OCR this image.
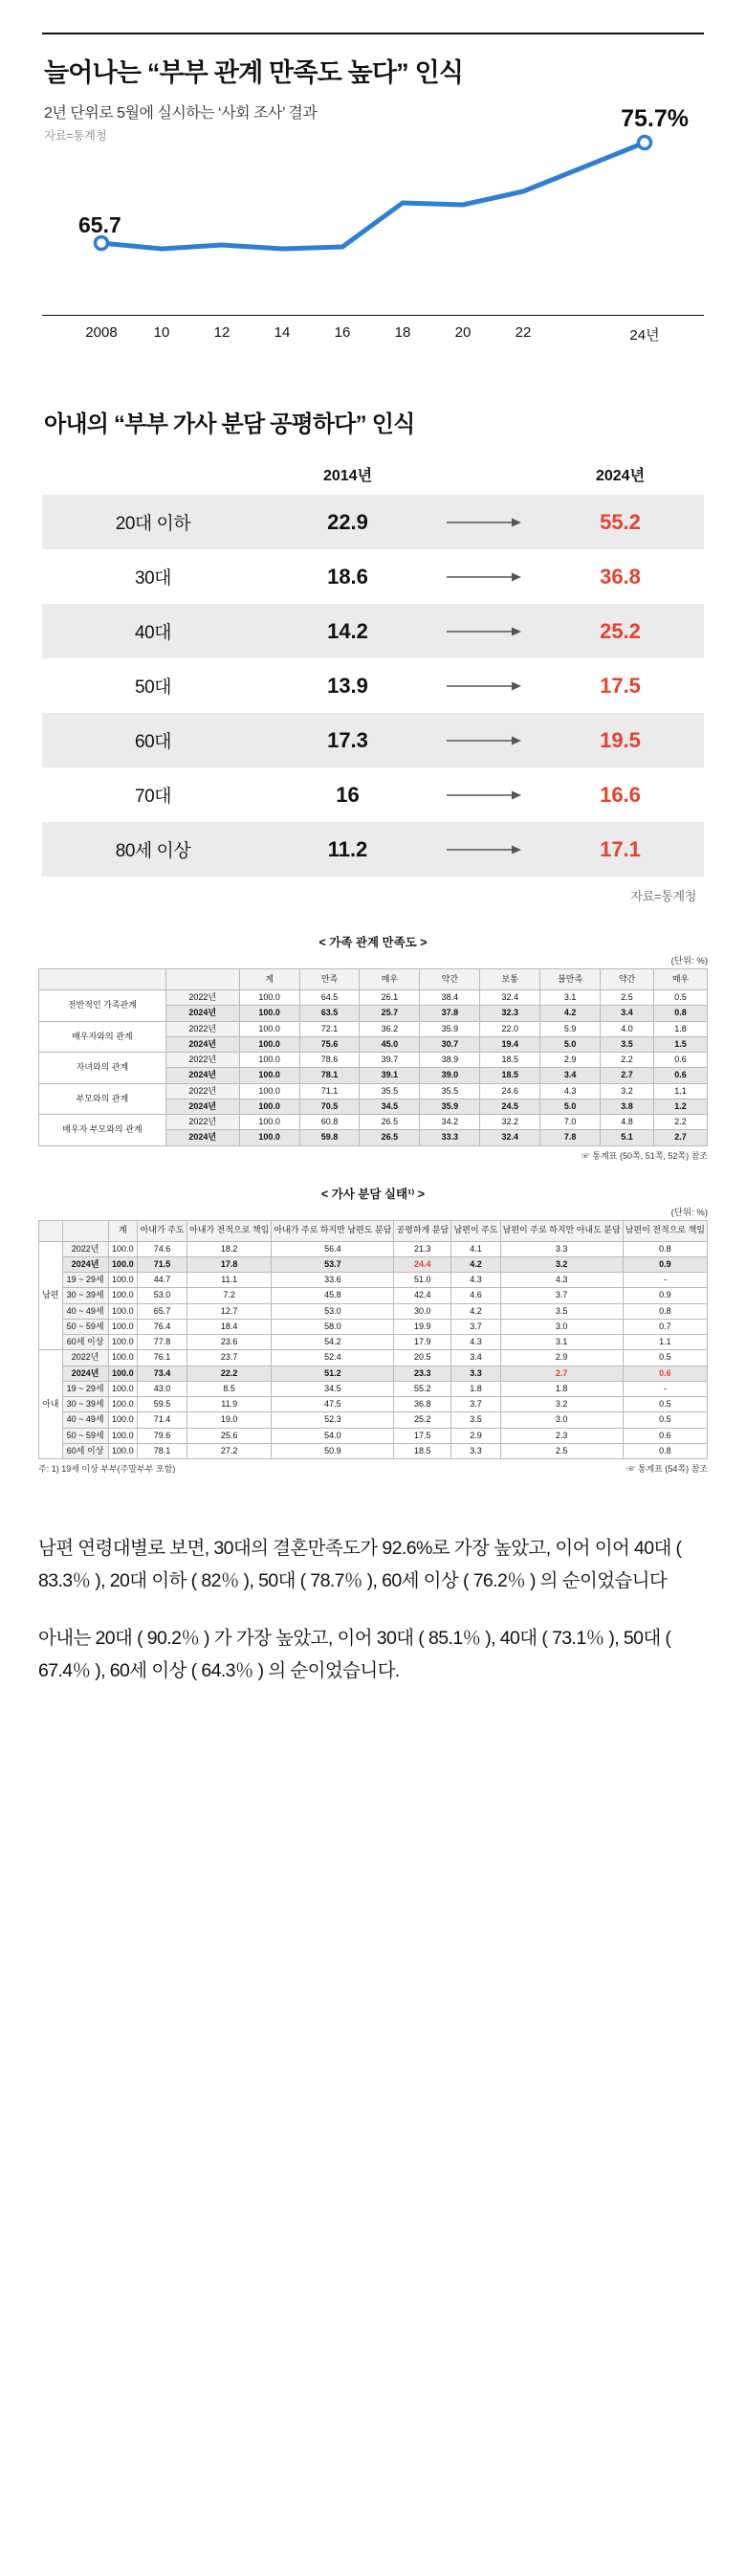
늘어나는 “부부 관계 만족도 높다” 인식
2년 단위로 5월에 실시하는 ‘사회 조사’ 결과
자료=통계청
65.7
75.7%
2008	10	12	14	16	18	20	22	24년
아내의 “부부 가사 분담 공평하다” 인식
2014년	2024년
20대 이하	22.9	55.2
30대	18.6	36.8
40대	14.2	25.2
50대	13.9	17.5
60대	17.3	19.5
70대	16	16.6
80세 이상	11.2	17.1
자료=통계청
< 가족 관계 만족도 >
(단위: %)
		계	만족	매우	약간	보통	불만족	약간	매우
전반적인 가족관계	2022년	100.0	64.5	26.1	38.4	32.4	3.1	2.5	0.5
	2024년	100.0	63.5	25.7	37.8	32.3	4.2	3.4	0.8
배우자와의 관계	2022년	100.0	72.1	36.2	35.9	22.0	5.9	4.0	1.8
	2024년	100.0	75.6	45.0	30.7	19.4	5.0	3.5	1.5
자녀와의 관계	2022년	100.0	78.6	39.7	38.9	18.5	2.9	2.2	0.6
	2024년	100.0	78.1	39.1	39.0	18.5	3.4	2.7	0.6
부모와의 관계	2022년	100.0	71.1	35.5	35.5	24.6	4.3	3.2	1.1
	2024년	100.0	70.5	34.5	35.9	24.5	5.0	3.8	1.2
배우자 부모와의 관계	2022년	100.0	60.8	26.5	34.2	32.2	7.0	4.8	2.2
	2024년	100.0	59.8	26.5	33.3	32.4	7.8	5.1	2.7
☞ 통계표 (50쪽, 51쪽, 52쪽) 참조
< 가사 분담 실태¹⁾ >
(단위: %)
		계	아내가 주도	아내가 전적으로 책임	아내가 주로 하지만 남편도 분담	공평하게 분담	남편이 주도	남편이 주로 하지만 아내도 분담	남편이 전적으로 책임
남편	2022년	100.0	74.6	18.2	56.4	21.3	4.1	3.3	0.8
	2024년	100.0	71.5	17.8	53.7	24.4	4.2	3.2	0.9
	19 ~ 29세	100.0	44.7	11.1	33.6	51.0	4.3	4.3	-
	30 ~ 39세	100.0	53.0	7.2	45.8	42.4	4.6	3.7	0.9
	40 ~ 49세	100.0	65.7	12.7	53.0	30.0	4.2	3.5	0.8
	50 ~ 59세	100.0	76.4	18.4	58.0	19.9	3.7	3.0	0.7
	60세 이상	100.0	77.8	23.6	54.2	17.9	4.3	3.1	1.1
아내	2022년	100.0	76.1	23.7	52.4	20.5	3.4	2.9	0.5
	2024년	100.0	73.4	22.2	51.2	23.3	3.3	2.7	0.6
	19 ~ 29세	100.0	43.0	8.5	34.5	55.2	1.8	1.8	-
	30 ~ 39세	100.0	59.5	11.9	47.5	36.8	3.7	3.2	0.5
	40 ~ 49세	100.0	71.4	19.0	52.3	25.2	3.5	3.0	0.5
	50 ~ 59세	100.0	79.6	25.6	54.0	17.5	2.9	2.3	0.6
	60세 이상	100.0	78.1	27.2	50.9	18.5	3.3	2.5	0.8
주: 1) 19세 이상 부부(주말부부 포함)	☞ 통계표 (54쪽) 참조

남편 연령대별로 보면, 30대의 결혼만족도가 92.6%로 가장 높았고, 이어 이어 40대 ( 83.3％ ), 20대 이하 ( 82％ ), 50대 ( 78.7％ ), 60세 이상 ( 76.2％ ) 의 순이었습니다

아내는 20대 ( 90.2％ ) 가 가장 높았고, 이어 30대 ( 85.1％ ), 40대 ( 73.1％ ), 50대 ( 67.4％ ), 60세 이상 ( 64.3％ ) 의 순이었습니다.
